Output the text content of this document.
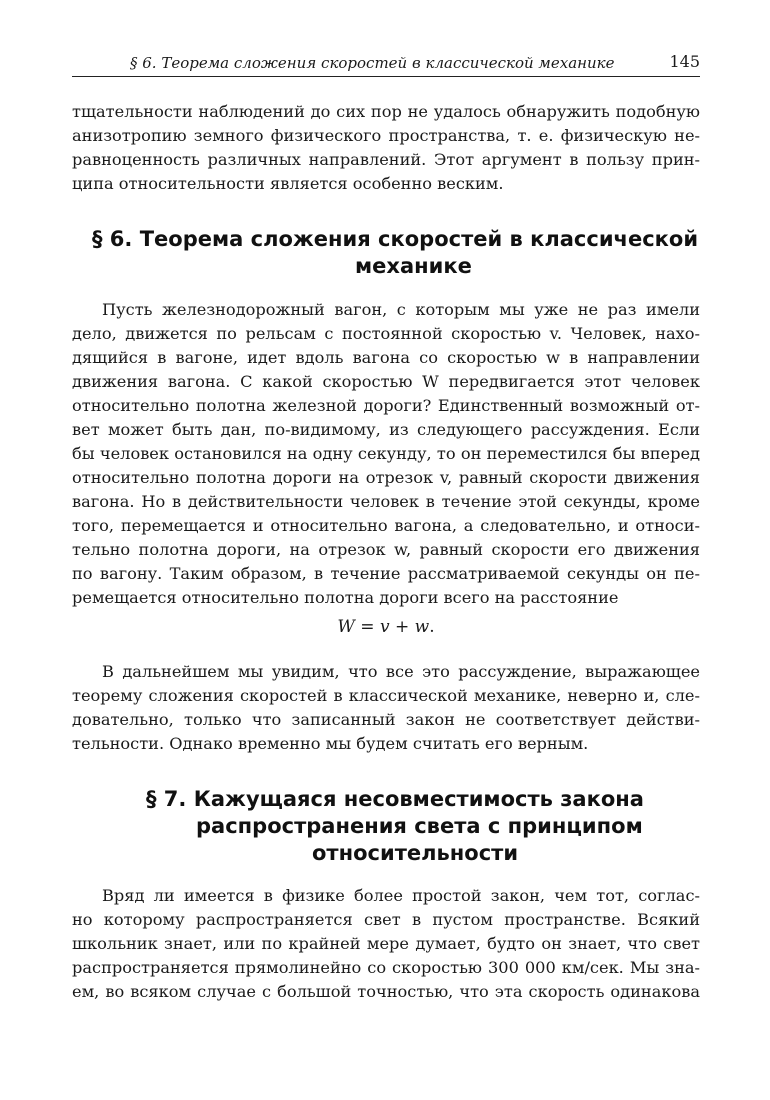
§ 6. Теорема сложения скоростей в классической механике	145
тщательности наблюдений до сих пор не удалось обнаружить подобную
анизотропию земного физического пространства, т. е. физическую не-
равноценность различных направлений. Этот аргумент в пользу прин-
ципа относительности является особенно веским.
§ 6. Теорема сложения скоростей в классической
механике
Пусть железнодорожный вагон, с которым мы уже не раз имели
дело, движется по рельсам с постоянной скоростью v. Человек, нахо-
дящийся в вагоне, идет вдоль вагона со скоростью w в направлении
движения вагона. С какой скоростью W передвигается этот человек
относительно полотна железной дороги? Единственный возможный от-
вет может быть дан, по-видимому, из следующего рассуждения. Если
бы человек остановился на одну секунду, то он переместился бы вперед
относительно полотна дороги на отрезок v, равный скорости движения
вагона. Но в действительности человек в течение этой секунды, кроме
того, перемещается и относительно вагона, а следовательно, и относи-
тельно полотна дороги, на отрезок w, равный скорости его движения
по вагону. Таким образом, в течение рассматриваемой секунды он пе-
ремещается относительно полотна дороги всего на расстояние
W = v + w.
В дальнейшем мы увидим, что все это рассуждение, выражающее
теорему сложения скоростей в классической механике, неверно и, сле-
довательно, только что записанный закон не соответствует действи-
тельности. Однако временно мы будем считать его верным.
§ 7. Кажущаяся несовместимость закона
распространения света с принципом
относительности
Вряд ли имеется в физике более простой закон, чем тот, соглас-
но которому распространяется свет в пустом пространстве. Всякий
школьник знает, или по крайней мере думает, будто он знает, что свет
распространяется прямолинейно со скоростью 300 000 км/сек. Мы зна-
ем, во всяком случае с большой точностью, что эта скорость одинакова
